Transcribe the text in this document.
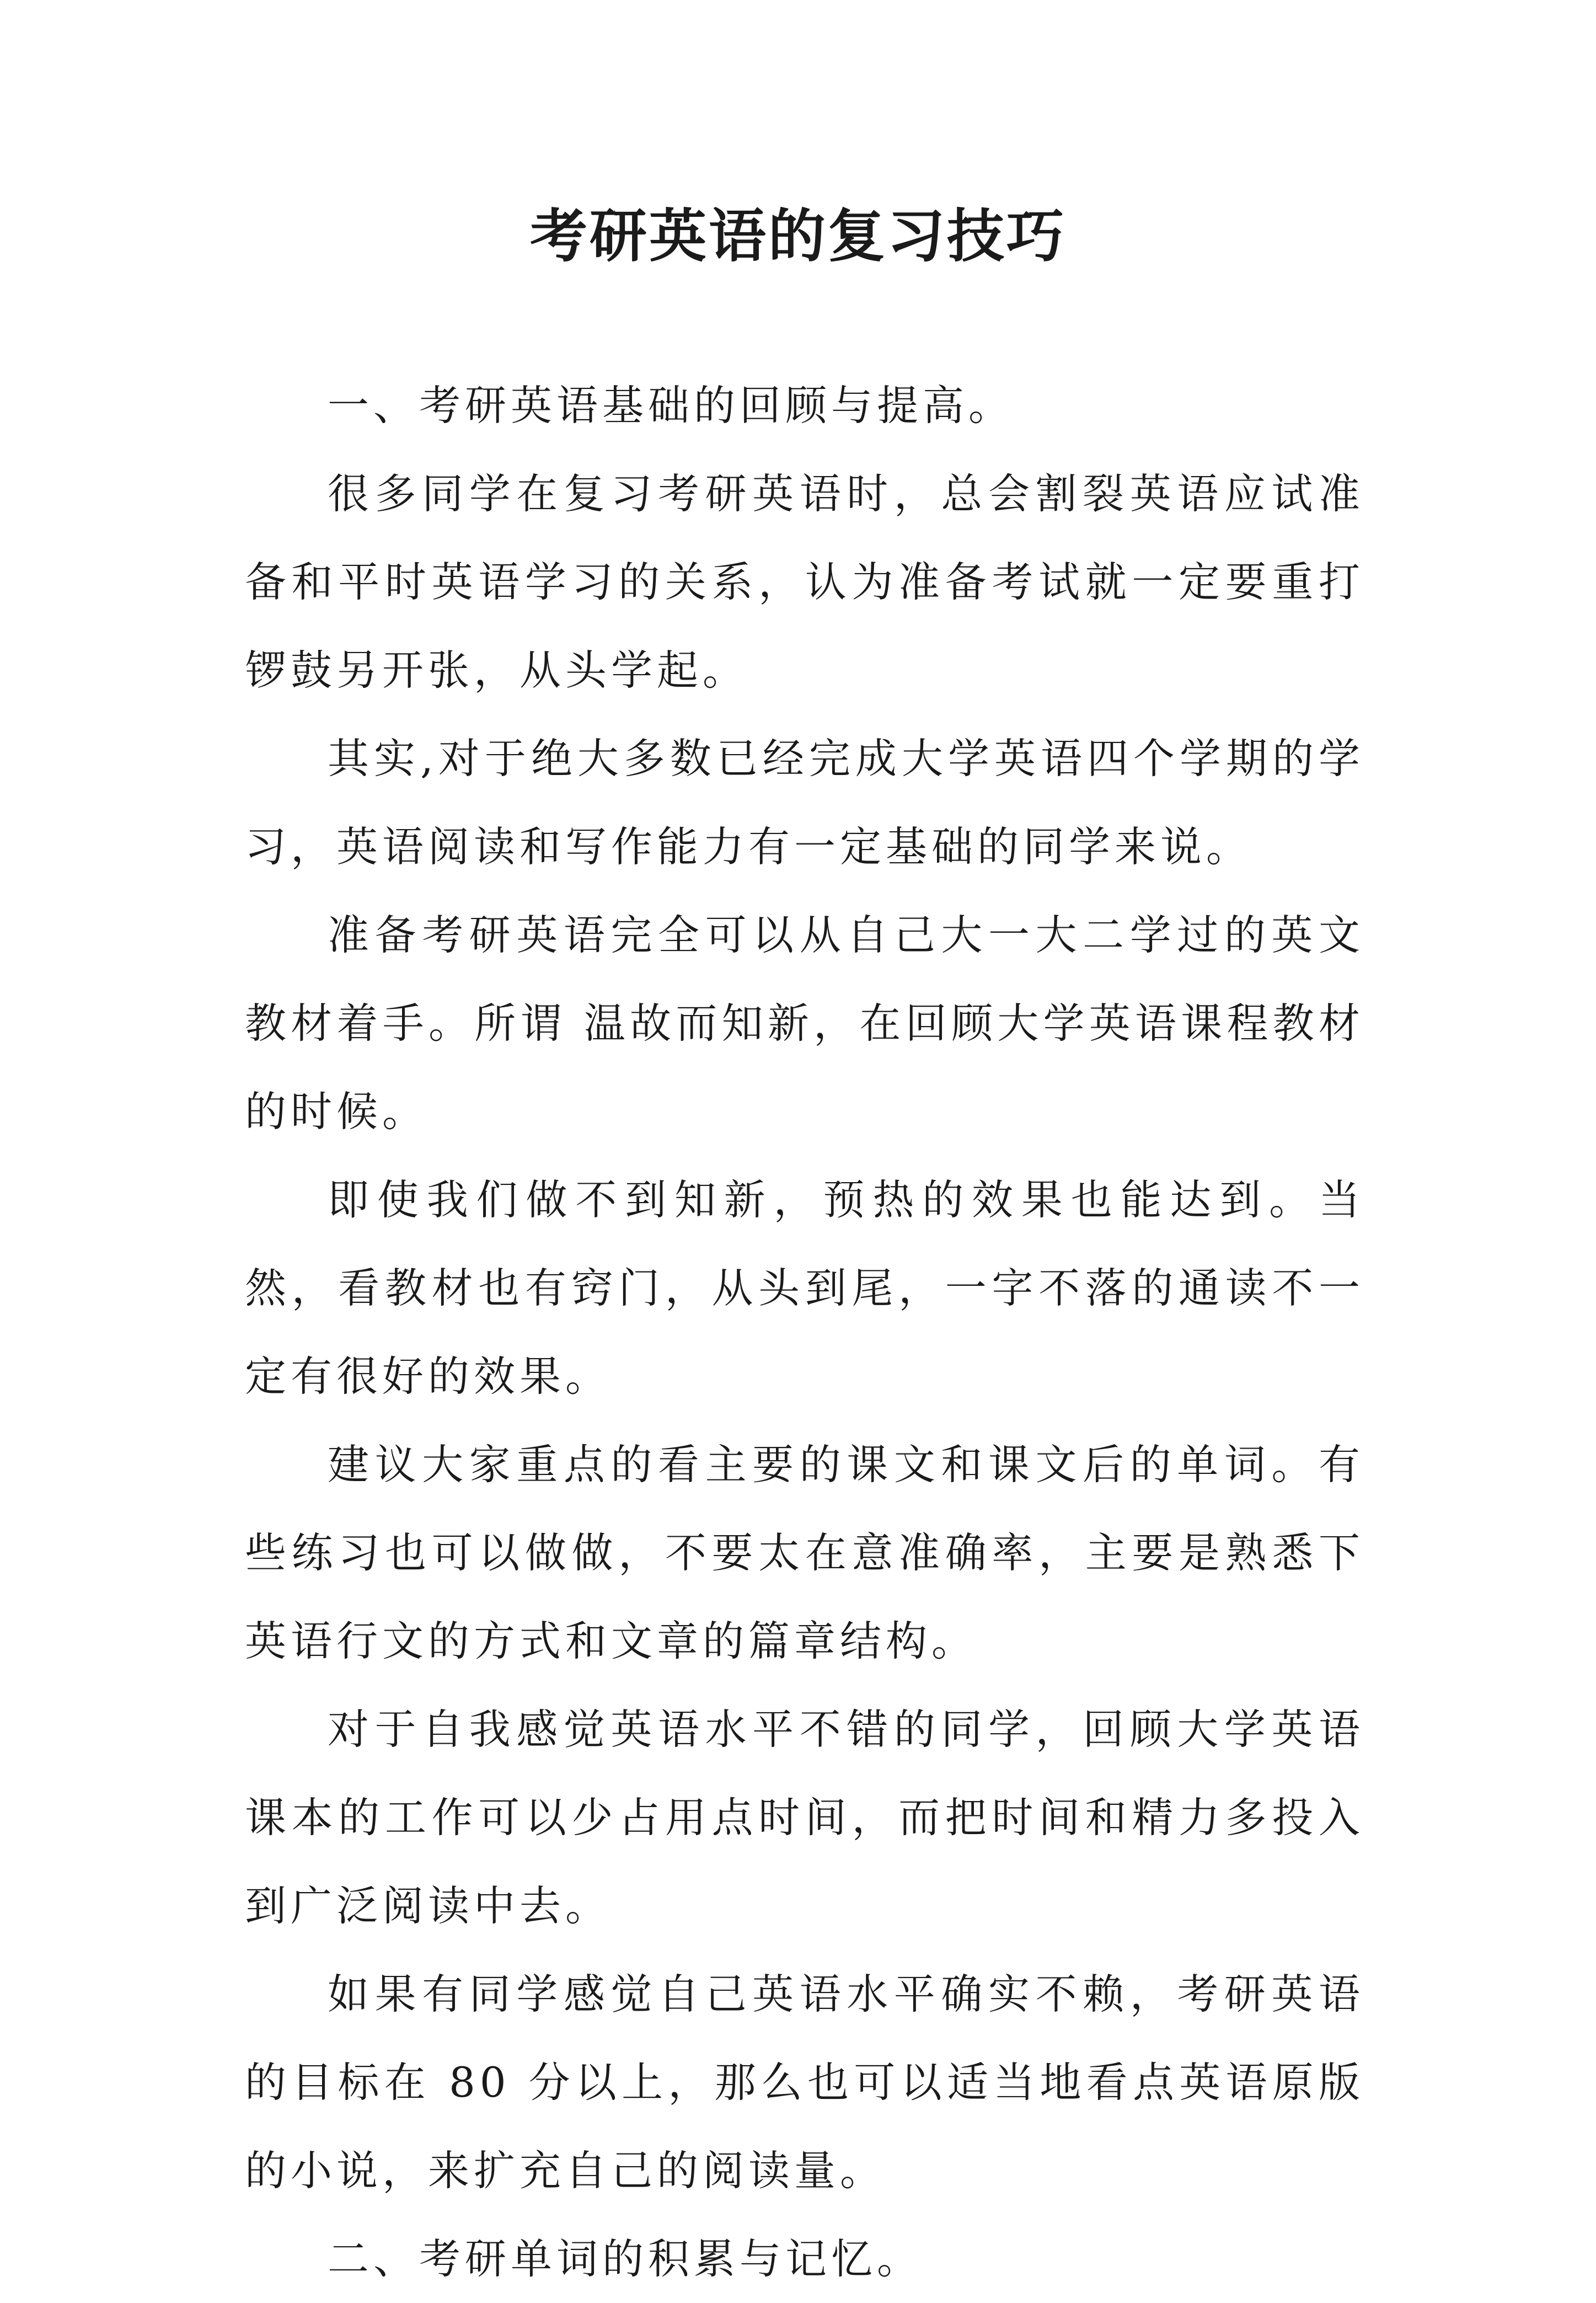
考研英语的复习技巧

一、考研英语基础的回顾与提高。

很多同学在复习考研英语时，总会割裂英语应试准备和平时英语学习的关系，认为准备考试就一定要重打锣鼓另开张，从头学起。

其实,对于绝大多数已经完成大学英语四个学期的学习，英语阅读和写作能力有一定基础的同学来说。

准备考研英语完全可以从自己大一大二学过的英文教材着手。所谓 温故而知新，在回顾大学英语课程教材的时候。

即使我们做不到知新，预热的效果也能达到。当然，看教材也有窍门，从头到尾，一字不落的通读不一定有很好的效果。

建议大家重点的看主要的课文和课文后的单词。有些练习也可以做做，不要太在意准确率，主要是熟悉下英语行文的方式和文章的篇章结构。

对于自我感觉英语水平不错的同学，回顾大学英语课本的工作可以少占用点时间，而把时间和精力多投入到广泛阅读中去。

如果有同学感觉自己英语水平确实不赖，考研英语的目标在 80 分以上，那么也可以适当地看点英语原版的小说，来扩充自己的阅读量。

二、考研单词的积累与记忆。
